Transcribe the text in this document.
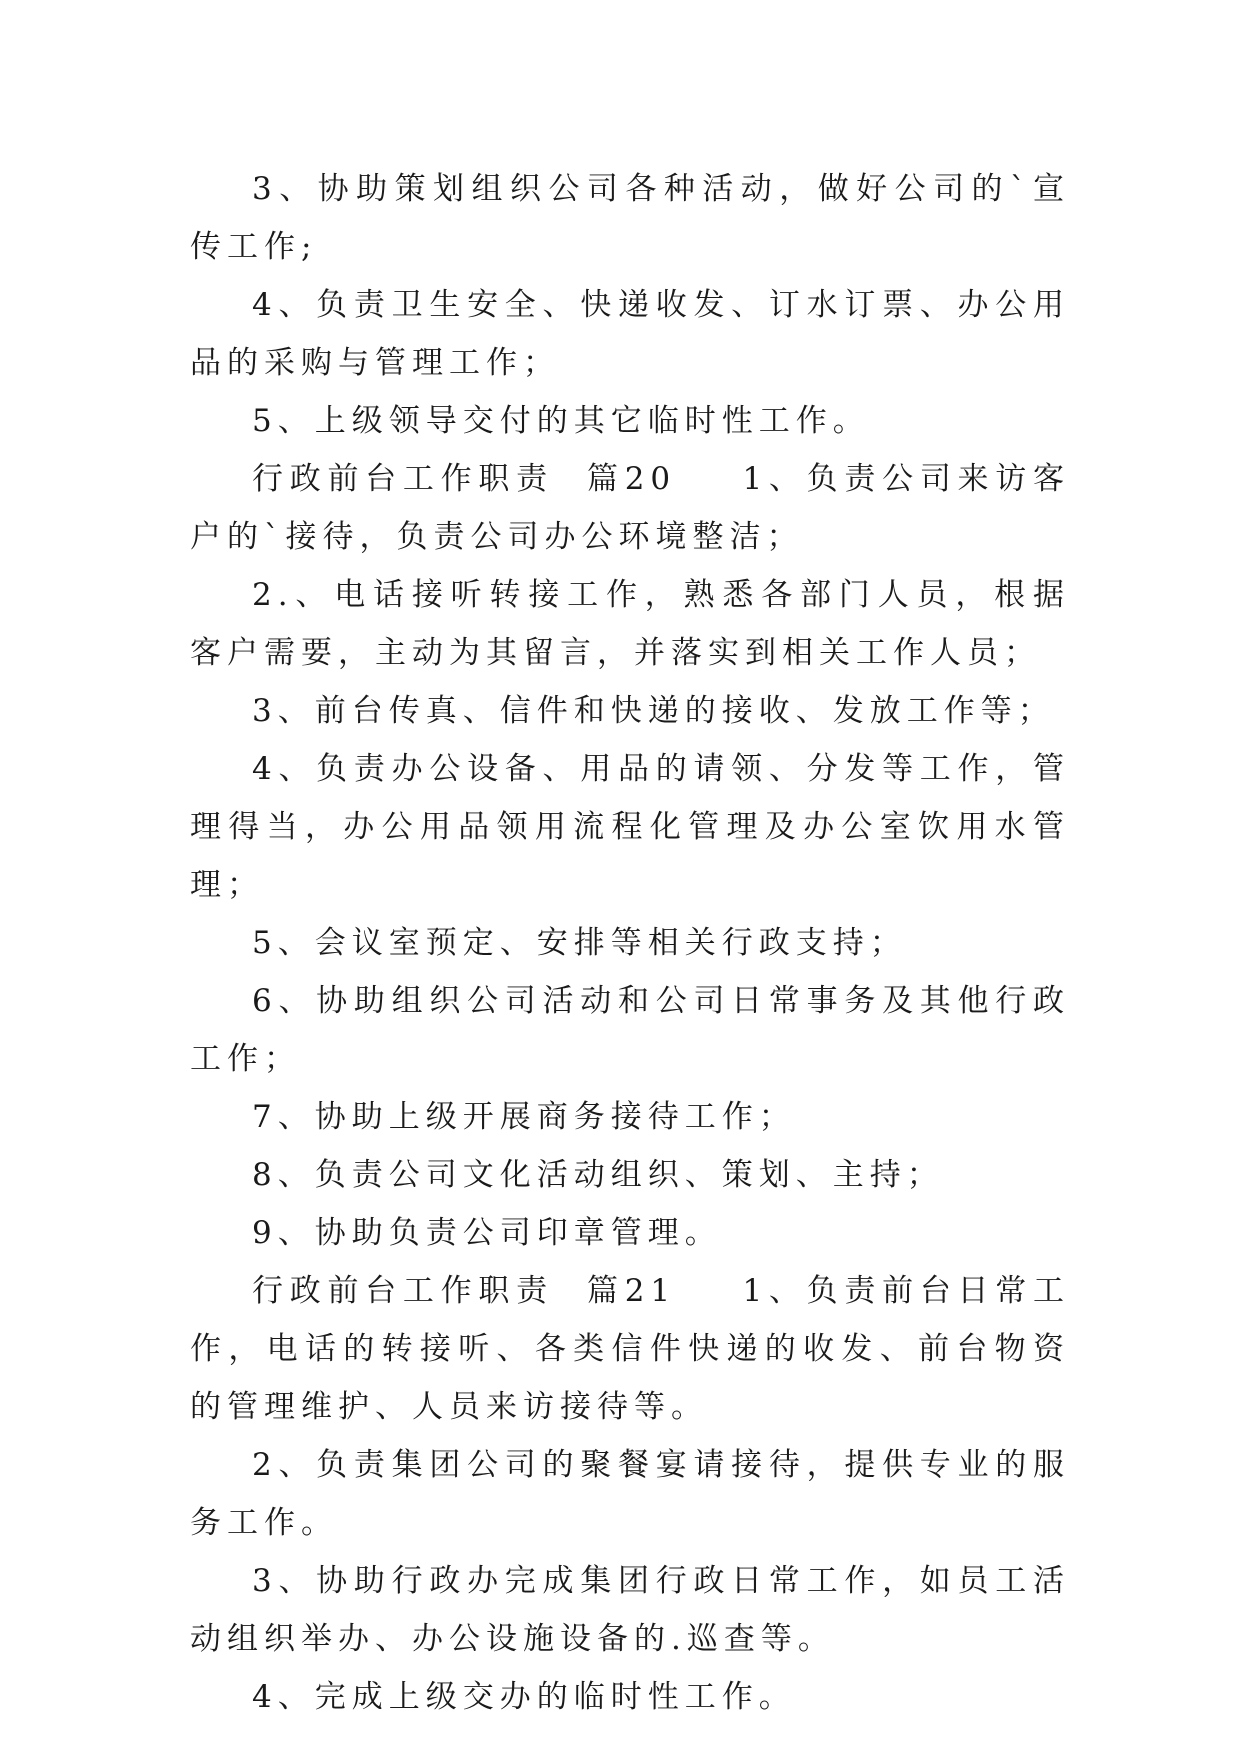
3、协助策划组织公司各种活动，做好公司的`宣传工作;

4、负责卫生安全、快递收发、订水订票、办公用品的采购与管理工作；

5、上级领导交付的其它临时性工作。

行政前台工作职责  篇20    1、负责公司来访客户的`接待，负责公司办公环境整洁；

2.、电话接听转接工作，熟悉各部门人员，根据客户需要，主动为其留言，并落实到相关工作人员；

3、前台传真、信件和快递的接收、发放工作等；

4、负责办公设备、用品的请领、分发等工作，管理得当，办公用品领用流程化管理及办公室饮用水管理；

5、会议室预定、安排等相关行政支持；

6、协助组织公司活动和公司日常事务及其他行政工作；

7、协助上级开展商务接待工作；

8、负责公司文化活动组织、策划、主持；

9、协助负责公司印章管理。

行政前台工作职责  篇21    1、负责前台日常工作，电话的转接听、各类信件快递的收发、前台物资的管理维护、人员来访接待等。

2、负责集团公司的聚餐宴请接待，提供专业的服务工作。

3、协助行政办完成集团行政日常工作，如员工活动组织举办、办公设施设备的.巡查等。

4、完成上级交办的临时性工作。
